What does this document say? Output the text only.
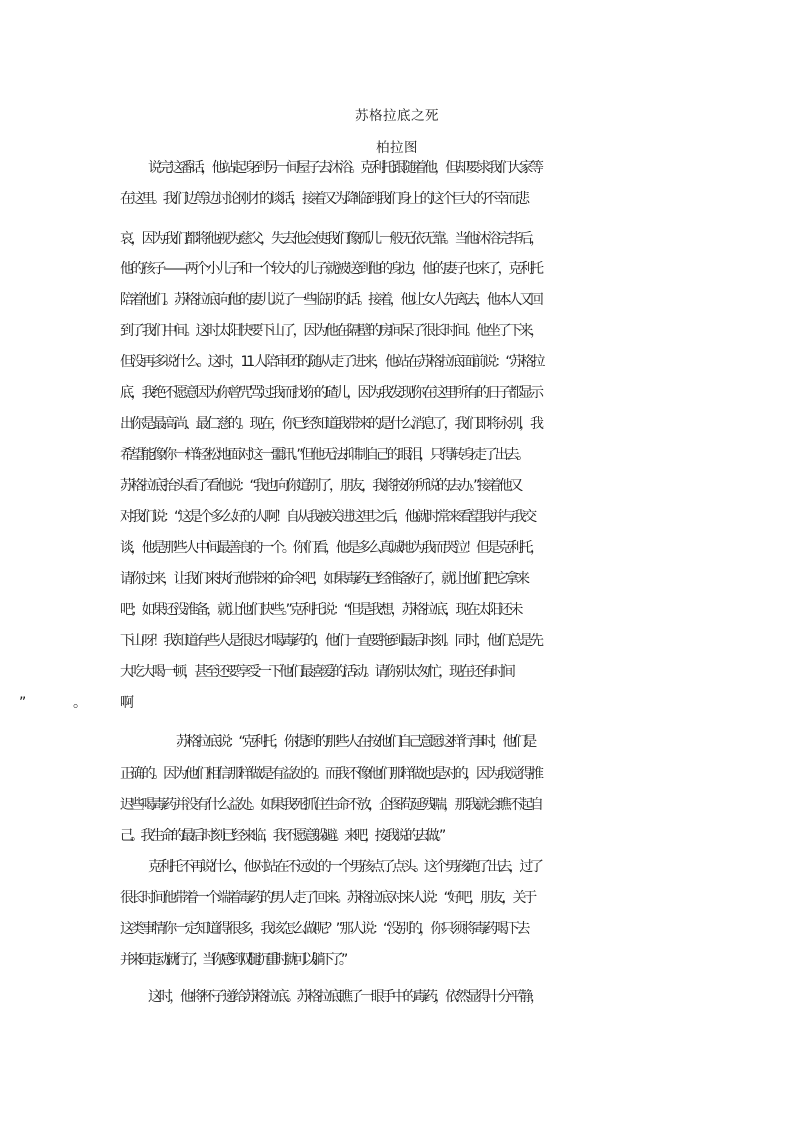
苏格拉底之死
柏拉图
说完这番话，他站起身到另一间屋子去沐浴。克利托跟随着他，但却要求我们大家等
在这里。我们边等边讨论刚才的谈话，接着又为降临到我们身上的这个巨大的不幸而悲
哀，因为我们都将他视为慈父，失去他会使我们像孤儿一般无依无靠。当他沐浴完毕后，
他的孩子——两个小儿子和一个较大的儿子就被送到他的身边，他的妻子也来了，克利托
陪着他们。苏格拉底向他的妻儿说了一些临别的话。接着，他让女人先离去，他本人又回
到了我们中间。这时太阳快要下山了，因为他在隔壁的房间呆了很长时间。他坐了下来，
但没再多说什么。这时，11 人陪审团的随从走了进来，他站在苏格拉底面前说：“苏格拉
底，我绝不愿意因为你曾咒骂过我而找你的碴儿，因为我发现你在这里所有的日子都显示
出你是最高尚、最仁慈的。现在，你已经知道我带来的是什么消息了，我们即将永别，我
希望能像你一样轻松地面对这一噩讯。”但他无法抑制自己的眼泪，只得转身走了出去。
苏格拉底抬头看了看他说：“我也向你道别了，朋友，我将按你所说的去办。”接着他又
对我们说：“这是个多么好的人啊！自从我被关进这里之后，他就时常来看望我并与我交
谈，他是那些人中间最善良的一个。你们看，他是多么真诚地为我而哭泣！但是克利托，
请你过来，让我们来执行他带来的命令吧，如果毒药已经准备好了，就让他们把它拿来
吧；如果还没准备，就让他们快些。”克利托说：“但是我想，苏格拉底，现在太阳还未
下山呀！我知道有些人是很迟才喝毒药的，他们一直要拖到最后时刻。同时，他们总是先
大吃大喝一顿，甚至还要享受一下他们最喜爱的活动。请你别太匆忙，现在还有时间
苏格拉底说：“克利托，你提到的那些人在按他们自己意愿这样行事时，他们是
正确的。因为他们相信那样做是有益处的。而我不像他们那样做也是对的，因为我觉得推
迟些喝毒药并没有什么益处。如果我死抓住生命不放，企图苟延残喘，那我就会瞧不起自
己。我生命的最后时刻已经来临，我不愿意躲避。来吧，按我说的去做。”
克利托不再说什么，他对站在不远处的一个男孩点了点头。这个男孩跑了出去，过了
很长时间他带着一个端着毒药的男人走了回来。苏格拉底对来人说：“好吧，朋友，关于
这类事情你一定知道得很多，我该怎么做呢？”那人说：“没别的，你只须将毒药喝下去
并来回走动就行了，当你感到双腿沉重时就可以躺下了。”
这时，他将杯子递给苏格拉底。苏格拉底瞧了一眼手中的毒药，依然显得十分平静，
